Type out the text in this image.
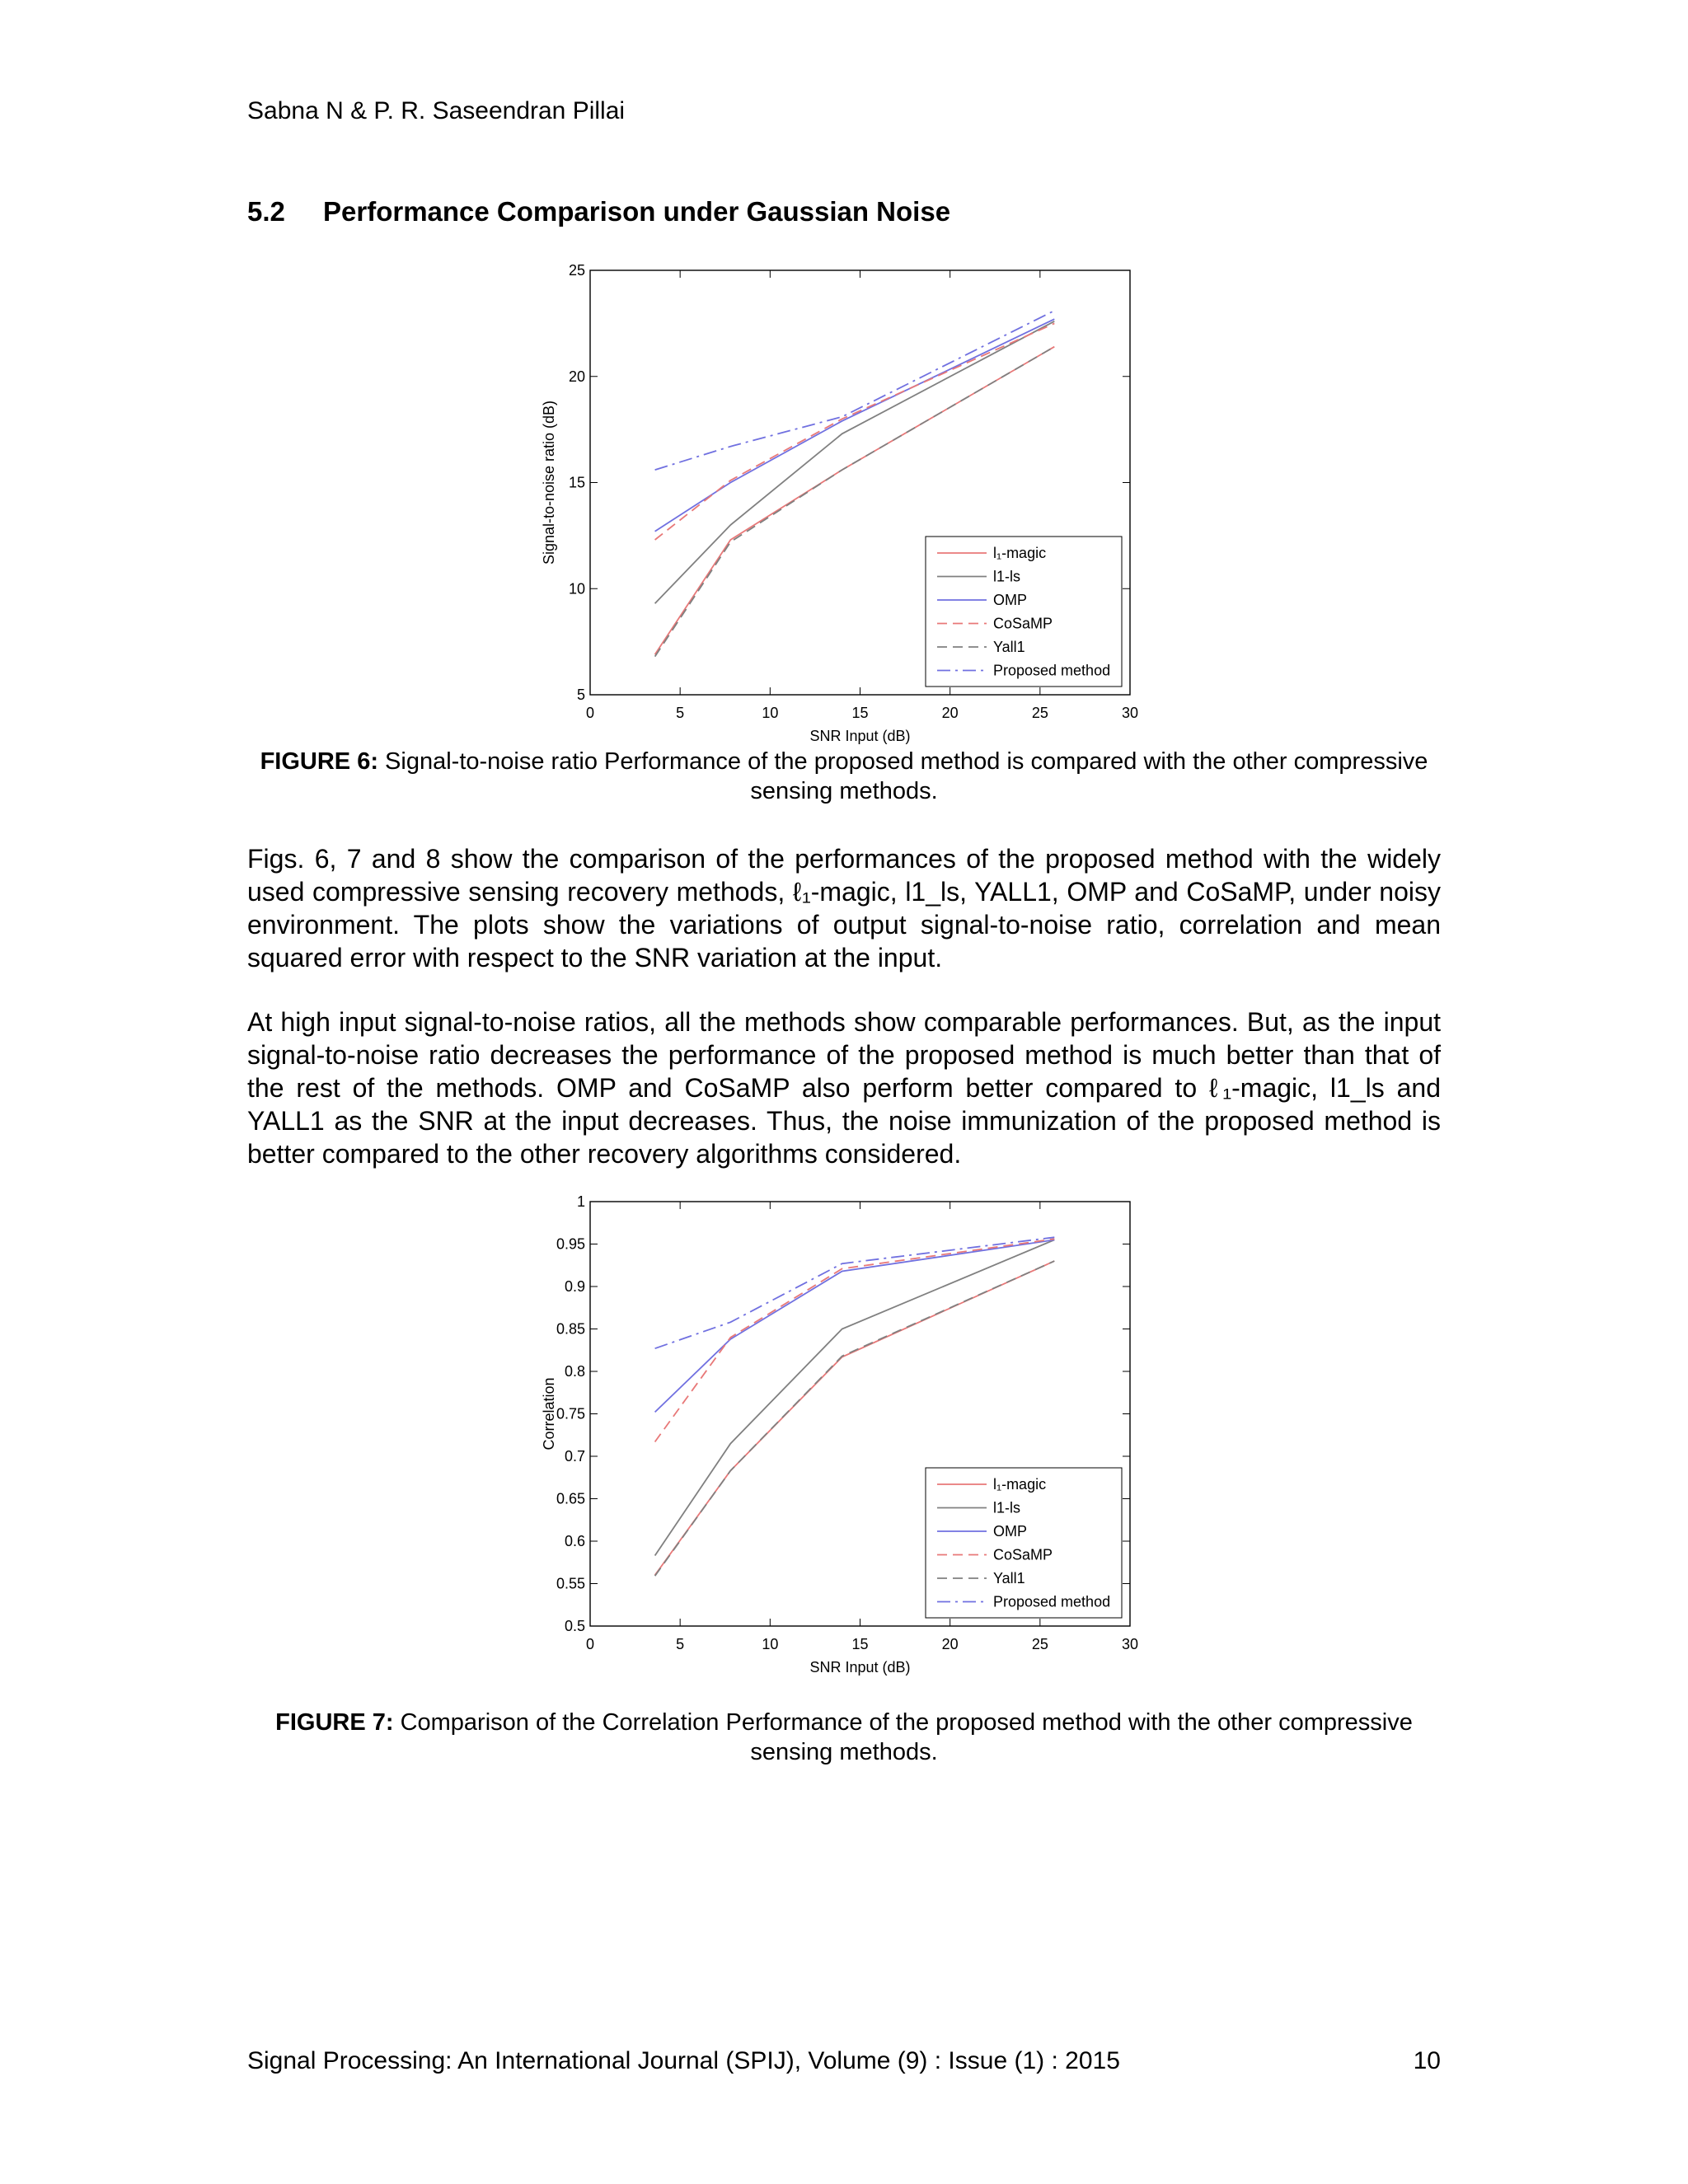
Sabna N & P. R. Saseendran Pillai
5.2 Performance Comparison under Gaussian Noise
0	5	10	15	20	25	30
5
10
15
20
25
SNR Input (dB)
Signal-to-noise ratio (dB)	l₁-magic
l1-ls
OMP
CoSaMP
Yall1
Proposed method
FIGURE 6: Signal-to-noise ratio Performance of the proposed method is compared with the other compressive sensing methods.
Figs. 6, 7 and 8 show the comparison of the performances of the proposed method with the widely used compressive sensing recovery methods, ℓ₁-magic, l1_ls, YALL1, OMP and CoSaMP, under noisy environment. The plots show the variations of output signal-to-noise ratio, correlation and mean squared error with respect to the SNR variation at the input.
At high input signal-to-noise ratios, all the methods show comparable performances. But, as the input signal-to-noise ratio decreases the performance of the proposed method is much better than that of the rest of the methods. OMP and CoSaMP also perform better compared to ℓ₁-magic, l1_ls and YALL1 as the SNR at the input decreases. Thus, the noise immunization of the proposed method is better compared to the other recovery algorithms considered.
0	5	10	15	20	25	30
0.5
0.55
0.6
0.65
0.7
0.75
0.8
0.85
0.9
0.95
1
SNR Input (dB)
Correlation
l₁-magic
l1-ls
OMP
CoSaMP
Yall1
Proposed method
FIGURE 7: Comparison of the Correlation Performance of the proposed method with the other compressive sensing methods.
Signal Processing: An International Journal (SPIJ), Volume (9) : Issue (1) : 2015	10
